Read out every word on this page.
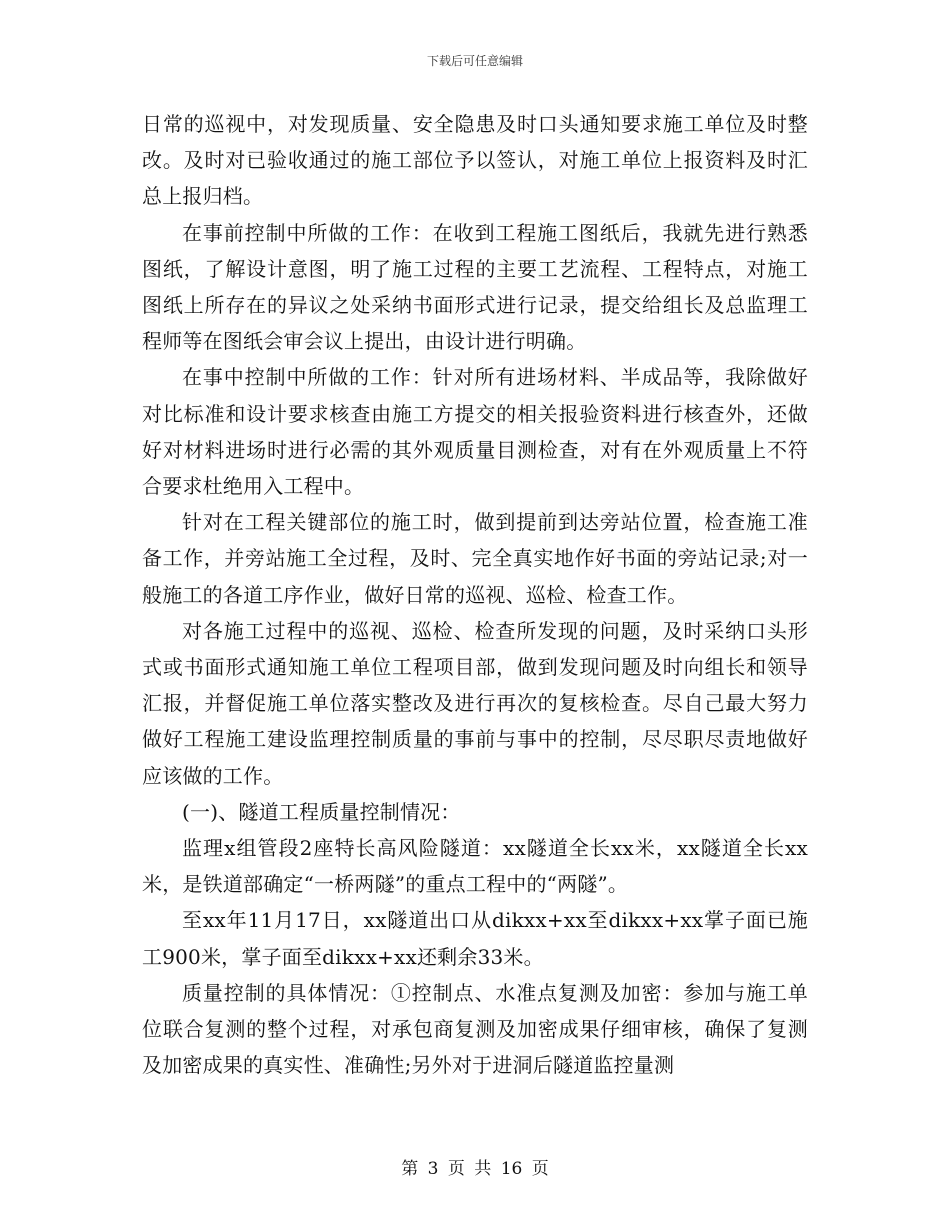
下载后可任意编辑

日常的巡视中，对发现质量、安全隐患及时口头通知要求施工单位及时整改。及时对已验收通过的施工部位予以签认，对施工单位上报资料及时汇总上报归档。

在事前控制中所做的工作：在收到工程施工图纸后，我就先进行熟悉图纸，了解设计意图，明了施工过程的主要工艺流程、工程特点，对施工图纸上所存在的异议之处采纳书面形式进行记录，提交给组长及总监理工程师等在图纸会审会议上提出，由设计进行明确。

在事中控制中所做的工作：针对所有进场材料、半成品等，我除做好对比标准和设计要求核查由施工方提交的相关报验资料进行核查外，还做好对材料进场时进行必需的其外观质量目测检查，对有在外观质量上不符合要求杜绝用入工程中。

针对在工程关键部位的施工时，做到提前到达旁站位置，检查施工准备工作，并旁站施工全过程，及时、完全真实地作好书面的旁站记录;对一般施工的各道工序作业，做好日常的巡视、巡检、检查工作。

对各施工过程中的巡视、巡检、检查所发现的问题，及时采纳口头形式或书面形式通知施工单位工程项目部，做到发现问题及时向组长和领导汇报，并督促施工单位落实整改及进行再次的复核检查。尽自己最大努力做好工程施工建设监理控制质量的事前与事中的控制，尽尽职尽责地做好应该做的工作。

(一)、隧道工程质量控制情况：

监理x组管段2座特长高风险隧道：xx隧道全长xx米，xx隧道全长xx米，是铁道部确定“一桥两隧”的重点工程中的“两隧”。

至xx年11月17日，xx隧道出口从dikxx+xx至dikxx+xx掌子面已施工900米，掌子面至dikxx+xx还剩余33米。

质量控制的具体情况：①控制点、水准点复测及加密：参加与施工单位联合复测的整个过程，对承包商复测及加密成果仔细审核，确保了复测及加密成果的真实性、准确性;另外对于进洞后隧道监控量测

第 3 页 共 16 页
